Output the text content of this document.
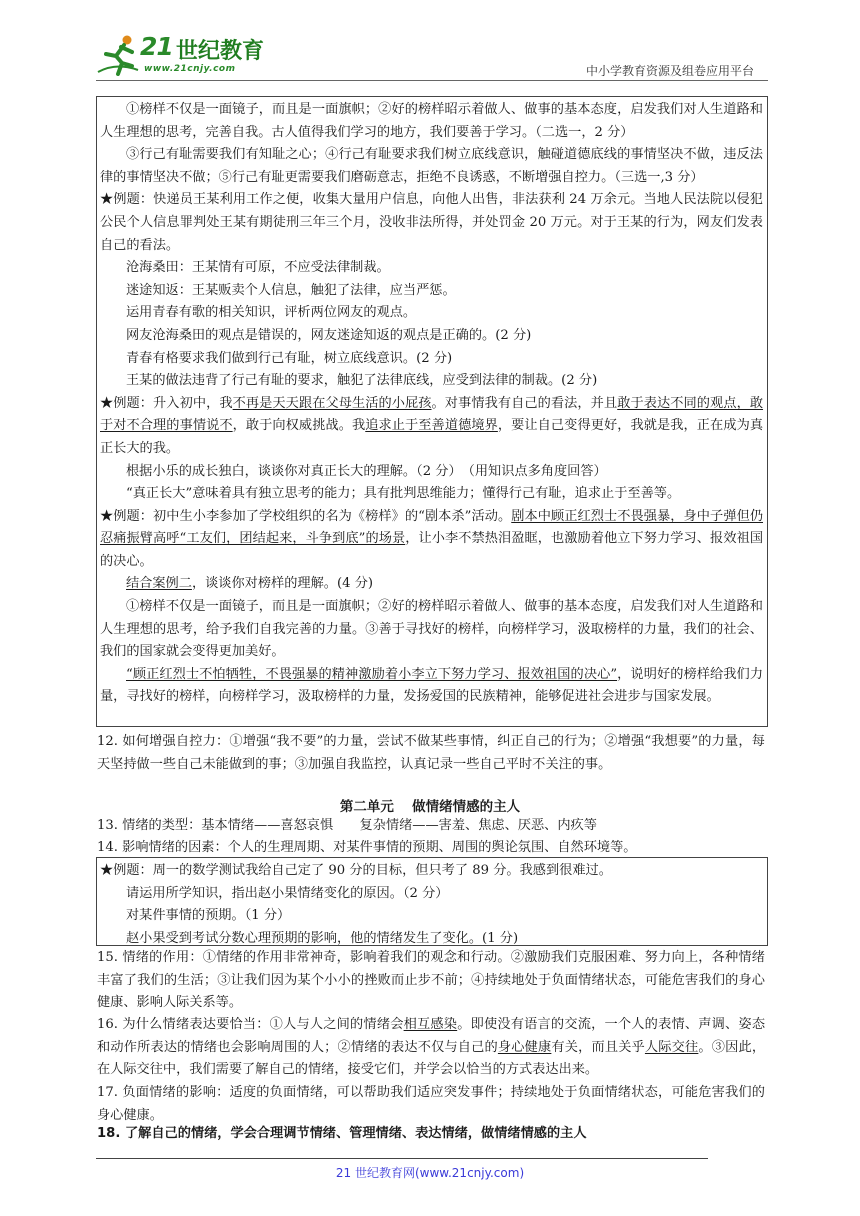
21 世纪教育
www.21cnjy.com	中小学教育资源及组卷应用平台

①榜样不仅是一面镜子，而且是一面旗帜；②好的榜样昭示着做人、做事的基本态度，启发我们对人生道路和人生理想的思考，完善自我。古人值得我们学习的地方，我们要善于学习。（二选一，2 分）

③行己有耻需要我们有知耻之心；④行己有耻要求我们树立底线意识，触碰道德底线的事情坚决不做，违反法律的事情坚决不做；⑤行己有耻更需要我们磨砺意志，拒绝不良诱惑，不断增强自控力。（三选一,3 分）

★例题：快递员王某利用工作之便，收集大量用户信息，向他人出售，非法获利 24 万余元。当地人民法院以侵犯公民个人信息罪判处王某有期徒刑三年三个月，没收非法所得，并处罚金 20 万元。对于王某的行为，网友们发表自己的看法。

沧海桑田：王某情有可原，不应受法律制裁。

迷途知返：王某贩卖个人信息，触犯了法律，应当严惩。

运用青春有歌的相关知识，评析两位网友的观点。

网友沧海桑田的观点是错误的，网友迷途知返的观点是正确的。(2 分)

青春有格要求我们做到行己有耻，树立底线意识。(2 分)

王某的做法违背了行己有耻的要求，触犯了法律底线，应受到法律的制裁。(2 分)

★例题：升入初中，我不再是天天跟在父母生活的小屁孩。对事情我有自己的看法，并且敢于表达不同的观点，敢于对不合理的事情说不，敢于向权威挑战。我追求止于至善道德境界，要让自己变得更好，我就是我，正在成为真正长大的我。

根据小乐的成长独白，谈谈你对真正长大的理解。（2 分）　（用知识点多角度回答）

“真正长大”意味着具有独立思考的能力；具有批判思维能力；懂得行己有耻，追求止于至善等。

★例题：初中生小李参加了学校组织的名为《榜样》的“剧本杀”活动。剧本中顾正红烈士不畏强暴，身中子弹但仍忍痛振臂高呼“工友们，团结起来，斗争到底”的场景，让小李不禁热泪盈眶，也激励着他立下努力学习、报效祖国的决心。

结合案例二，谈谈你对榜样的理解。(4 分)

①榜样不仅是一面镜子，而且是一面旗帜；②好的榜样昭示着做人、做事的基本态度，启发我们对人生道路和人生理想的思考，给予我们自我完善的力量。③善于寻找好的榜样，向榜样学习，汲取榜样的力量，我们的社会、我们的国家就会变得更加美好。

“顾正红烈士不怕牺牲，不畏强暴的精神激励着小李立下努力学习、报效祖国的决心”，说明好的榜样给我们力量，寻找好的榜样，向榜样学习，汲取榜样的力量，发扬爱国的民族精神，能够促进社会进步与国家发展。

12. 如何增强自控力：①增强“我不要”的力量，尝试不做某些事情，纠正自己的行为；②增强“我想要”的力量，每天坚持做一些自己未能做到的事；③加强自我监控，认真记录一些自己平时不关注的事。

第二单元　 做情绪情感的主人

13. 情绪的类型：基本情绪——喜怒哀惧　　复杂情绪——害羞、焦虑、厌恶、内疚等

14. 影响情绪的因素：个人的生理周期、对某件事情的预期、周围的舆论氛围、自然环境等。

★例题：周一的数学测试我给自己定了 90 分的目标，但只考了 89 分。我感到很难过。

请运用所学知识，指出赵小果情绪变化的原因。（2 分）

对某件事情的预期。（1 分）

赵小果受到考试分数心理预期的影响，他的情绪发生了变化。(1 分)

15. 情绪的作用：①情绪的作用非常神奇，影响着我们的观念和行动。②激励我们克服困难、努力向上，各种情绪丰富了我们的生活；③让我们因为某个小小的挫败而止步不前；④持续地处于负面情绪状态，可能危害我们的身心健康、影响人际关系等。

16. 为什么情绪表达要恰当：①人与人之间的情绪会相互感染。即使没有语言的交流，一个人的表情、声调、姿态和动作所表达的情绪也会影响周围的人；②情绪的表达不仅与自己的身心健康有关，而且关乎人际交往。③因此，在人际交往中，我们需要了解自己的情绪，接受它们，并学会以恰当的方式表达出来。

17. 负面情绪的影响：适度的负面情绪，可以帮助我们适应突发事件；持续地处于负面情绪状态，可能危害我们的身心健康。

18. 了解自己的情绪，学会合理调节情绪、管理情绪、表达情绪，做情绪情感的主人

21 世纪教育网(www.21cnjy.com)
